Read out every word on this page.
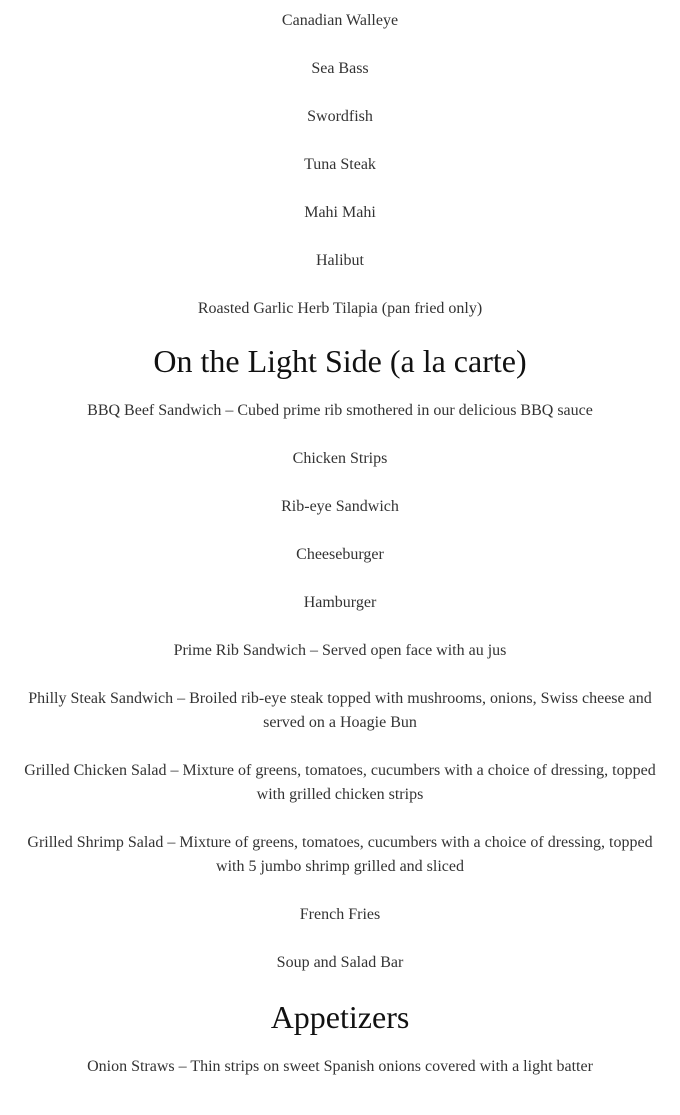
Canadian Walleye
Sea Bass
Swordfish
Tuna Steak
Mahi Mahi
Halibut
Roasted Garlic Herb Tilapia (pan fried only)
On the Light Side (a la carte)
BBQ Beef Sandwich – Cubed prime rib smothered in our delicious BBQ sauce
Chicken Strips
Rib-eye Sandwich
Cheeseburger
Hamburger
Prime Rib Sandwich – Served open face with au jus
Philly Steak Sandwich – Broiled rib-eye steak topped with mushrooms, onions, Swiss cheese and served on a Hoagie Bun
Grilled Chicken Salad – Mixture of greens, tomatoes, cucumbers with a choice of dressing, topped with grilled chicken strips
Grilled Shrimp Salad – Mixture of greens, tomatoes, cucumbers with a choice of dressing, topped with 5 jumbo shrimp grilled and sliced
French Fries
Soup and Salad Bar
Appetizers
Onion Straws – Thin strips on sweet Spanish onions covered with a light batter
